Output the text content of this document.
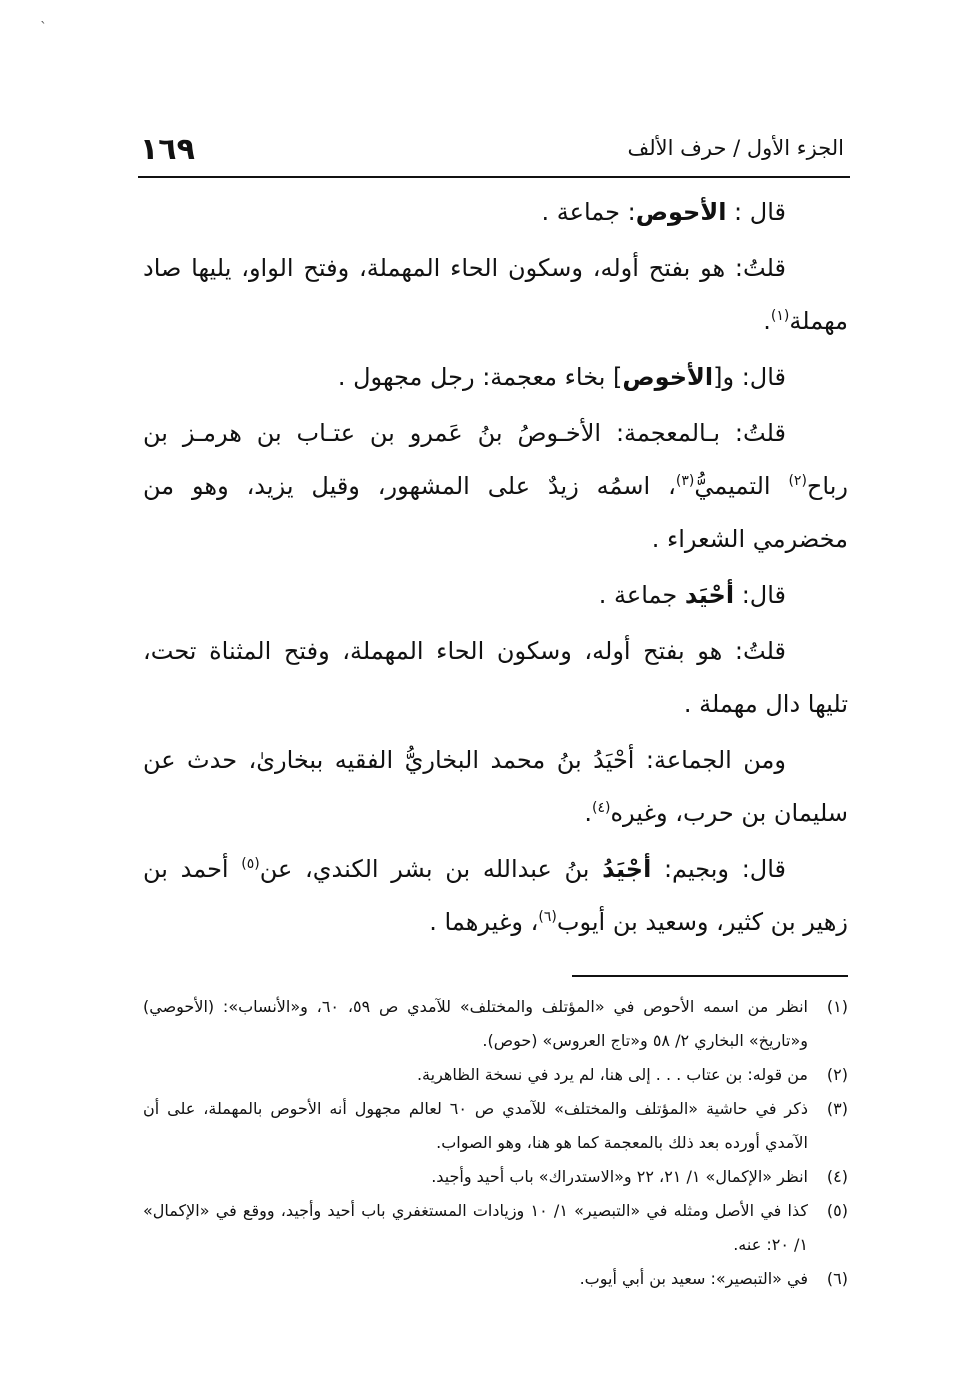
ˎ
١٦٩	الجزء الأول / حرف الألف

قال : الأحوص: جماعة .

قلتُ: هو بفتح أوله، وسكون الحاء المهملة، وفتح الواو، يليها صاد مهملة$^{(١)}$.

قال: و[الأخوص] بخاء معجمة: رجل مجهول .

قلتُ: بـالمعجمة: الأخـوصُ بنُ عَمرو بن عتـاب بن هرمـز بن رباح$^{(٢)}$ التميميُّ$^{(٣)}$، اسمُه زيدٌ على المشهور، وقيل يزيد، وهو من مخضرمي الشعراء .

قال: أحْيَد جماعة .

قلتُ: هو بفتح أوله، وسكون الحاء المهملة، وفتح المثناة تحت، تليها دال مهملة .

ومن الجماعة: أحْيَدُ بنُ محمد البخاريُّ الفقيه ببخارىٰ، حدث عن سليمان بن حرب، وغيره$^{(٤)}$.

قال: وبجيم: أجْيَدُ بنُ عبدالله بن بشر الكندي، عن$^{(٥)}$ أحمد بن زهير بن كثير، وسعيد بن أيوب$^{(٦)}$، وغيرهما .

(١)
انظر من اسمه الأحوص في «المؤتلف والمختلف» للآمدي ص ٥٩، ٦٠، و«الأنساب»: (الأحوصي) و«تاريخ» البخاري ٢/ ٥٨ و«تاج العروس» (حوص).

(٢)
من قوله: بن عتاب . . . إلى هنا، لم يرد في نسخة الظاهرية.

(٣)
ذكر في حاشية «المؤتلف والمختلف» للآمدي ص ٦٠ لعالم مجهول أنه الأحوص بالمهملة، على أن الآمدي أورده بعد ذلك بالمعجمة كما هو هنا، وهو الصواب.

(٤)
انظر «الإكمال» ١/ ٢١، ٢٢ و«الاستدراك» باب أحيد وأجيد.

(٥)
كذا في الأصل ومثله في «التبصير» ١/ ١٠ وزيادات المستغفري باب أحيد وأجيد، ووقع في «الإكمال» ١/ ٢٠: عنه.

(٦)
في «التبصير»: سعيد بن أبي أيوب.
